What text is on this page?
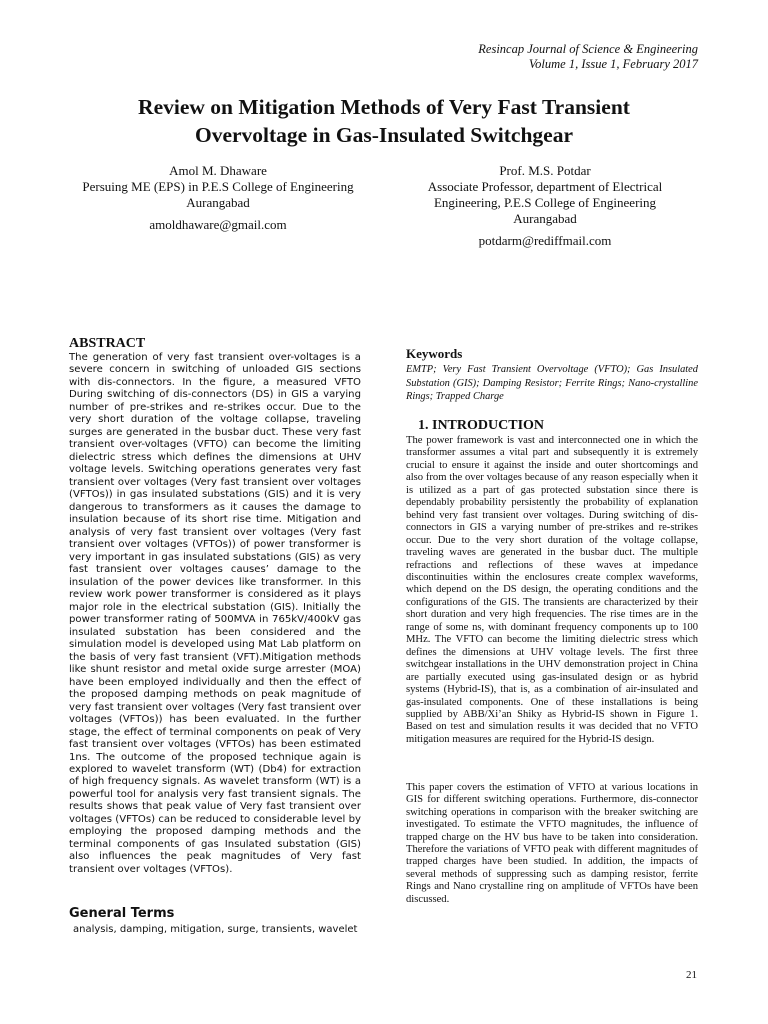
Resincap Journal of Science & Engineering
Volume 1, Issue 1, February 2017
Review on Mitigation Methods of Very Fast Transient
Overvoltage in Gas-Insulated Switchgear
Amol M. Dhaware
Persuing ME (EPS) in P.E.S College of Engineering
Aurangabad
amoldhaware@gmail.com
Prof. M.S. Potdar
Associate Professor, department of Electrical
Engineering, P.E.S College of Engineering
Aurangabad
potdarm@rediffmail.com
ABSTRACT

The generation of very fast transient over-voltages is a severe concern in switching of unloaded GIS sections with dis-connectors. In the figure, a measured VFTO During switching of dis-connectors (DS) in GIS a varying number of pre-strikes and re-strikes occur. Due to the very short duration of the voltage collapse, traveling surges are generated in the busbar duct. These very fast transient over-voltages (VFTO) can become the limiting dielectric stress which defines the dimensions at UHV voltage levels. Switching operations generates very fast transient over voltages (Very fast transient over voltages (VFTOs)) in gas insulated substations (GIS) and it is very dangerous to transformers as it causes the damage to insulation because of its short rise time. Mitigation and analysis of very fast transient over voltages (Very fast transient over voltages (VFTOs)) of power transformer is very important in gas insulated substations (GIS) as very fast transient over voltages causes’ damage to the insulation of the power devices like transformer. In this review work power transformer is considered as it plays major role in the electrical substation (GIS). Initially the power transformer rating of 500MVA in 765kV/400kV gas insulated substation has been considered and the simulation model is developed using Mat Lab platform on the basis of very fast transient (VFT).Mitigation methods like shunt resistor and metal oxide surge arrester (MOA) have been employed individually and then the effect of the proposed damping methods on peak magnitude of very fast transient over voltages (Very fast transient over voltages (VFTOs)) has been evaluated. In the further stage, the effect of terminal components on peak of Very fast transient over voltages (VFTOs) has been estimated 1ns. The outcome of the proposed technique again is explored to wavelet transform (WT) (Db4) for extraction of high frequency signals. As wavelet transform (WT) is a powerful tool for analysis very fast transient signals. The results shows that peak value of Very fast transient over voltages (VFTOs) can be reduced to considerable level by employing the proposed damping methods and the terminal components of gas Insulated substation (GIS) also influences the peak magnitudes of Very fast transient over voltages (VFTOs).

General Terms

analysis, damping, mitigation, surge, transients, wavelet

Keywords

EMTP; Very Fast Transient Overvoltage (VFTO); Gas Insulated Substation (GIS); Damping Resistor; Ferrite Rings; Nano-crystalline Rings; Trapped Charge

1. INTRODUCTION

The power framework is vast and interconnected one in which the transformer assumes a vital part and subsequently it is extremely crucial to ensure it against the inside and outer shortcomings and also from the over voltages because of any reason especially when it is utilized as a part of gas protected substation since there is dependably probability persistently the probability of explanation behind very fast transient over voltages. During switching of dis-connectors in GIS a varying number of pre-strikes and re-strikes occur. Due to the very short duration of the voltage collapse, traveling waves are generated in the busbar duct. The multiple refractions and reflections of these waves at impedance discontinuities within the enclosures create complex waveforms, which depend on the DS design, the operating conditions and the configurations of the GIS. The transients are characterized by their short duration and very high frequencies. The rise times are in the range of some ns, with dominant frequency components up to 100 MHz. The VFTO can become the limiting dielectric stress which defines the dimensions at UHV voltage levels. The first three switchgear installations in the UHV demonstration project in China are partially executed using gas-insulated design or as hybrid systems (Hybrid-IS), that is, as a combination of air-insulated and gas-insulated components. One of these installations is being supplied by ABB/Xi’an Shiky as Hybrid-IS shown in Figure 1. Based on test and simulation results it was decided that no VFTO mitigation measures are required for the Hybrid-IS design.

This paper covers the estimation of VFTO at various locations in GIS for different switching operations. Furthermore, dis-connector switching operations in comparison with the breaker switching are investigated. To estimate the VFTO magnitudes, the influence of trapped charge on the HV bus have to be taken into consideration. Therefore the variations of VFTO peak with different magnitudes of trapped charges have been studied. In addition, the impacts of several methods of suppressing such as damping resistor, ferrite Rings and Nano crystalline ring on amplitude of VFTOs have been discussed.

21
